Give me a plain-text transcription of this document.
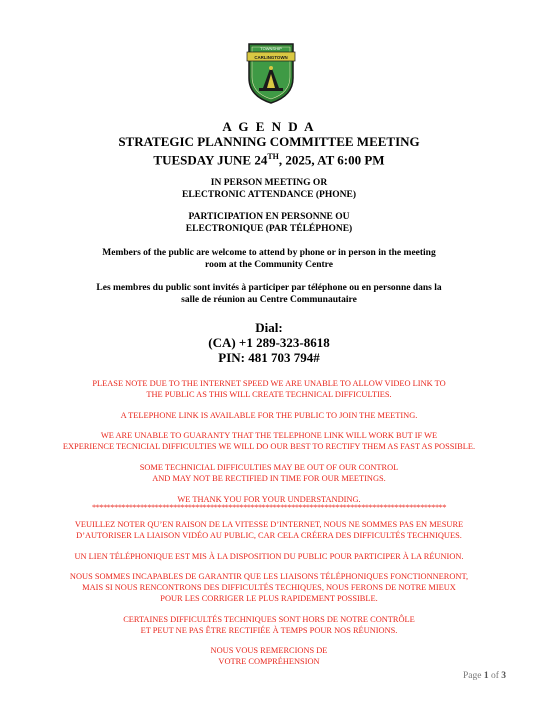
TOWNSHIP
CARLINGTOWN
A G E N D A
STRATEGIC PLANNING COMMITTEE MEETING
TUESDAY JUNE 24TH, 2025, AT 6:00 PM
IN PERSON MEETING OR
ELECTRONIC ATTENDANCE (PHONE)
PARTICIPATION EN PERSONNE OU
ELECTRONIQUE (PAR TÉLÉPHONE)
Members of the public are welcome to attend by phone or in person in the meeting
room at the Community Centre
Les membres du public sont invités à participer par téléphone ou en personne dans la
salle de réunion au Centre Communautaire
Dial:
(CA) +1 289-323-8618
PIN: 481 703 794#
PLEASE NOTE DUE TO THE INTERNET SPEED WE ARE UNABLE TO ALLOW VIDEO LINK TO
THE PUBLIC AS THIS WILL CREATE TECHNICAL DIFFICULTIES.
A TELEPHONE LINK IS AVAILABLE FOR THE PUBLIC TO JOIN THE MEETING.
WE ARE UNABLE TO GUARANTY THAT THE TELEPHONE LINK WILL WORK BUT IF WE
EXPERIENCE TECNICIAL DIFFICULTIES WE WILL DO OUR BEST TO RECTIFY THEM AS FAST AS POSSIBLE.
SOME TECHNICIAL DIFFICULTIES MAY BE OUT OF OUR CONTROL
AND MAY NOT BE RECTIFIED IN TIME FOR OUR MEETINGS.
WE THANK YOU FOR YOUR UNDERSTANDING.
************************************************************************************************
VEUILLEZ NOTER QU’EN RAISON DE LA VITESSE D’INTERNET, NOUS NE SOMMES PAS EN MESURE
D’AUTORISER LA LIAISON VIDÉO AU PUBLIC, CAR CELA CRÉERA DES DIFFICULTÉS TECHNIQUES.
UN LIEN TÉLÉPHONIQUE EST MIS À LA DISPOSITION DU PUBLIC POUR PARTICIPER À LA RÉUNION.
NOUS SOMMES INCAPABLES DE GARANTIR QUE LES LIAISONS TÉLÉPHONIQUES FONCTIONNERONT,
MAIS SI NOUS RENCONTRONS DES DIFFICULTÉS TECHIQUES, NOUS FERONS DE NOTRE MIEUX
POUR LES CORRIGER LE PLUS RAPIDEMENT POSSIBLE.
CERTAINES DIFFICULTÉS TECHNIQUES SONT HORS DE NOTRE CONTRÔLE
ET PEUT NE PAS ÊTRE RECTIFIÉE À TEMPS POUR NOS RÉUNIONS.
NOUS VOUS REMERCIONS DE
VOTRE COMPRÉHENSION
Page 1 of 3
